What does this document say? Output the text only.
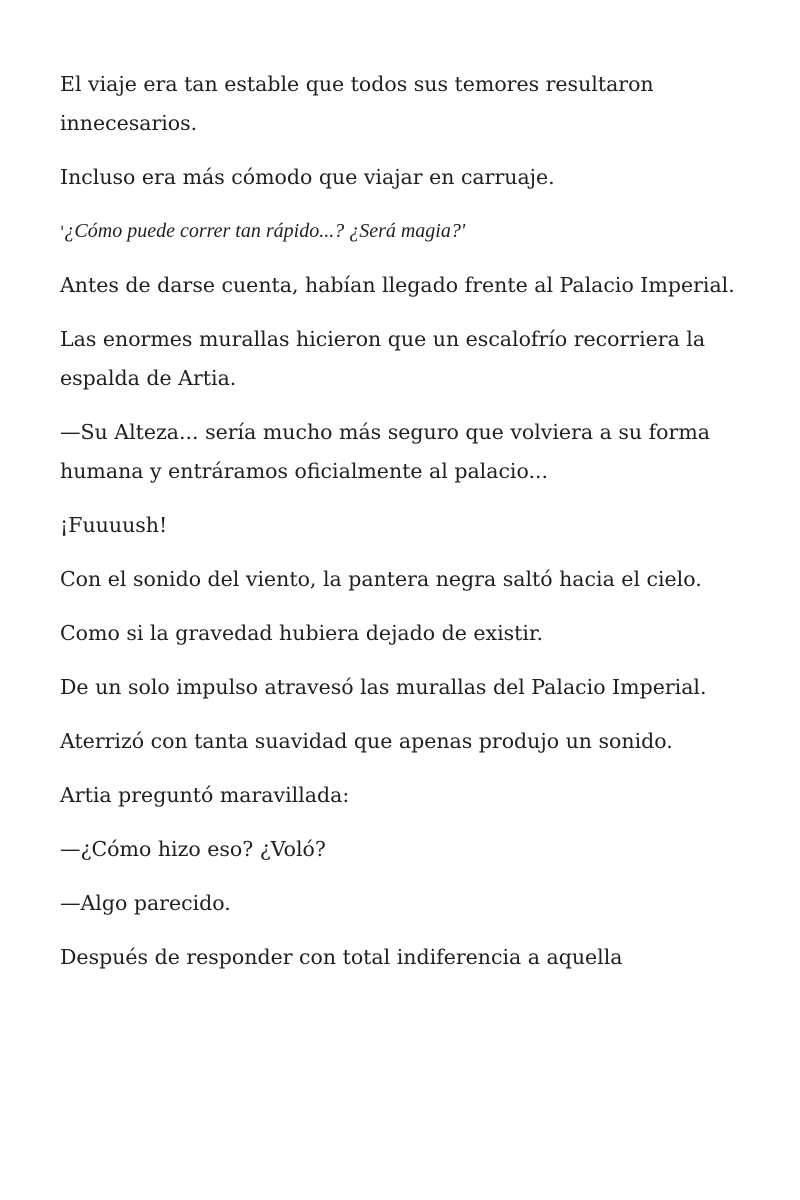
El viaje era tan estable que todos sus temores resultaron innecesarios.

Incluso era más cómodo que viajar en carruaje.

'¿Cómo puede correr tan rápido...? ¿Será magia?'

Antes de darse cuenta, habían llegado frente al Palacio Imperial.

Las enormes murallas hicieron que un escalofrío recorriera la espalda de Artia.

—Su Alteza... sería mucho más seguro que volviera a su forma humana y entráramos oficialmente al palacio...

¡Fuuuush!

Con el sonido del viento, la pantera negra saltó hacia el cielo.

Como si la gravedad hubiera dejado de existir.

De un solo impulso atravesó las murallas del Palacio Imperial.

Aterrizó con tanta suavidad que apenas produjo un sonido.

Artia preguntó maravillada:

—¿Cómo hizo eso? ¿Voló?

—Algo parecido.

Después de responder con total indiferencia a aquella
